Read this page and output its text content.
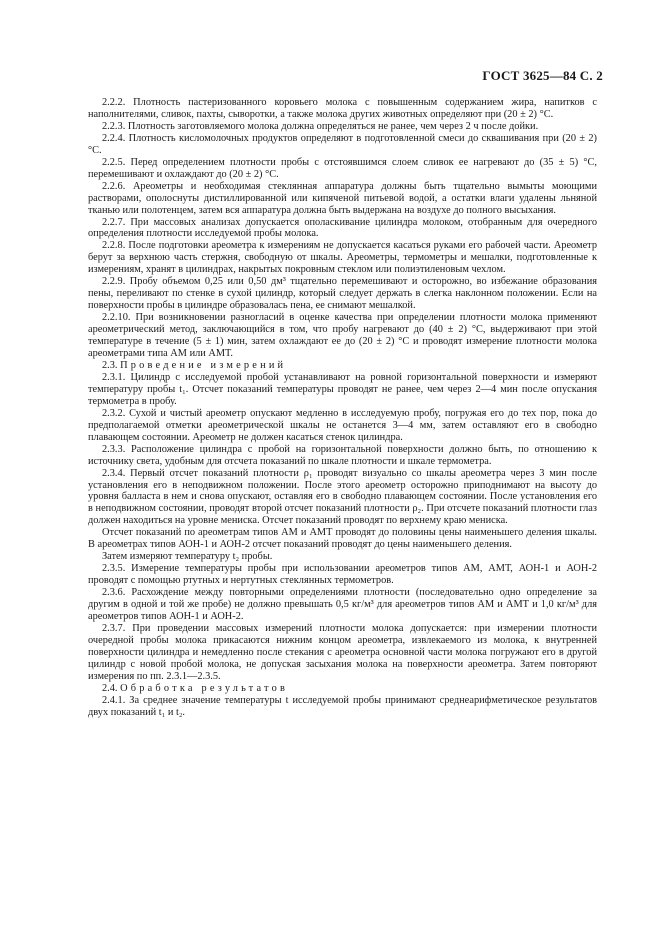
ГОСТ 3625—84 С. 2

2.2.2. Плотность пастеризованного коровьего молока с повышенным содержанием жира, напитков с наполнителями, сливок, пахты, сыворотки, а также молока других животных определяют при (20 ± 2) °С.

2.2.3. Плотность заготовляемого молока должна определяться не ранее, чем через 2 ч после дойки.

2.2.4. Плотность кисломолочных продуктов определяют в подготовленной смеси до сквашивания при (20 ± 2) °С.

2.2.5. Перед определением плотности пробы с отстоявшимся слоем сливок ее нагревают до (35 ± 5) °С, перемешивают и охлаждают до (20 ± 2) °С.

2.2.6. Ареометры и необходимая стеклянная аппаратура должны быть тщательно вымыты моющими растворами, ополоснуты дистиллированной или кипяченой питьевой водой, а остатки влаги удалены льняной тканью или полотенцем, затем вся аппаратура должна быть выдержана на воздухе до полного высыхания.

2.2.7. При массовых анализах допускается ополаскивание цилиндра молоком, отобранным для очередного определения плотности исследуемой пробы молока.

2.2.8. После подготовки ареометра к измерениям не допускается касаться руками его рабочей части. Ареометр берут за верхнюю часть стержня, свободную от шкалы. Ареометры, термометры и мешалки, подготовленные к измерениям, хранят в цилиндрах, накрытых покровным стеклом или полиэтиленовым чехлом.

2.2.9. Пробу объемом 0,25 или 0,50 дм³ тщательно перемешивают и осторожно, во избежание образования пены, переливают по стенке в сухой цилиндр, который следует держать в слегка наклонном положении. Если на поверхности пробы в цилиндре образовалась пена, ее снимают мешалкой.

2.2.10. При возникновении разногласий в оценке качества при определении плотности молока применяют ареометрический метод, заключающийся в том, что пробу нагревают до (40 ± 2) °С, выдерживают при этой температуре в течение (5 ± 1) мин, затем охлаждают ее до (20 ± 2) °С и проводят измерение плотности молока ареометрами типа АМ или АМТ.

2.3. Проведение измерений

2.3.1. Цилиндр с исследуемой пробой устанавливают на ровной горизонтальной поверхности и измеряют температуру пробы t₁. Отсчет показаний температуры проводят не ранее, чем через 2—4 мин после опускания термометра в пробу.

2.3.2. Сухой и чистый ареометр опускают медленно в исследуемую пробу, погружая его до тех пор, пока до предполагаемой отметки ареометрической шкалы не останется 3—4 мм, затем оставляют его в свободно плавающем состоянии. Ареометр не должен касаться стенок цилиндра.

2.3.3. Расположение цилиндра с пробой на горизонтальной поверхности должно быть, по отношению к источнику света, удобным для отсчета показаний по шкале плотности и шкале термометра.

2.3.4. Первый отсчет показаний плотности ρ₁ проводят визуально со шкалы ареометра через 3 мин после установления его в неподвижном положении. После этого ареометр осторожно приподнимают на высоту до уровня балласта в нем и снова опускают, оставляя его в свободно плавающем состоянии. После установления его в неподвижном состоянии, проводят второй отсчет показаний плотности ρ₂. При отсчете показаний плотности глаз должен находиться на уровне мениска. Отсчет показаний проводят по верхнему краю мениска.

Отсчет показаний по ареометрам типов АМ и АМТ проводят до половины цены наименьшего деления шкалы. В ареометрах типов АОН-1 и АОН-2 отсчет показаний проводят до цены наименьшего деления.

Затем измеряют температуру t₂ пробы.

2.3.5. Измерение температуры пробы при использовании ареометров типов АМ, АМТ, АОН-1 и АОН-2 проводят с помощью ртутных и нертутных стеклянных термометров.

2.3.6. Расхождение между повторными определениями плотности (последовательно одно определение за другим в одной и той же пробе) не должно превышать 0,5 кг/м³ для ареометров типов АМ и АМТ и 1,0 кг/м³ для ареометров типов АОН-1 и АОН-2.

2.3.7. При проведении массовых измерений плотности молока допускается: при измерении плотности очередной пробы молока прикасаются нижним концом ареометра, извлекаемого из молока, к внутренней поверхности цилиндра и немедленно после стекания с ареометра основной части молока погружают его в другой цилиндр с новой пробой молока, не допуская засыхания молока на поверхности ареометра. Затем повторяют измерения по пп. 2.3.1—2.3.5.

2.4. Обработка результатов

2.4.1. За среднее значение температуры t исследуемой пробы принимают среднеарифметическое результатов двух показаний t₁ и t₂.
